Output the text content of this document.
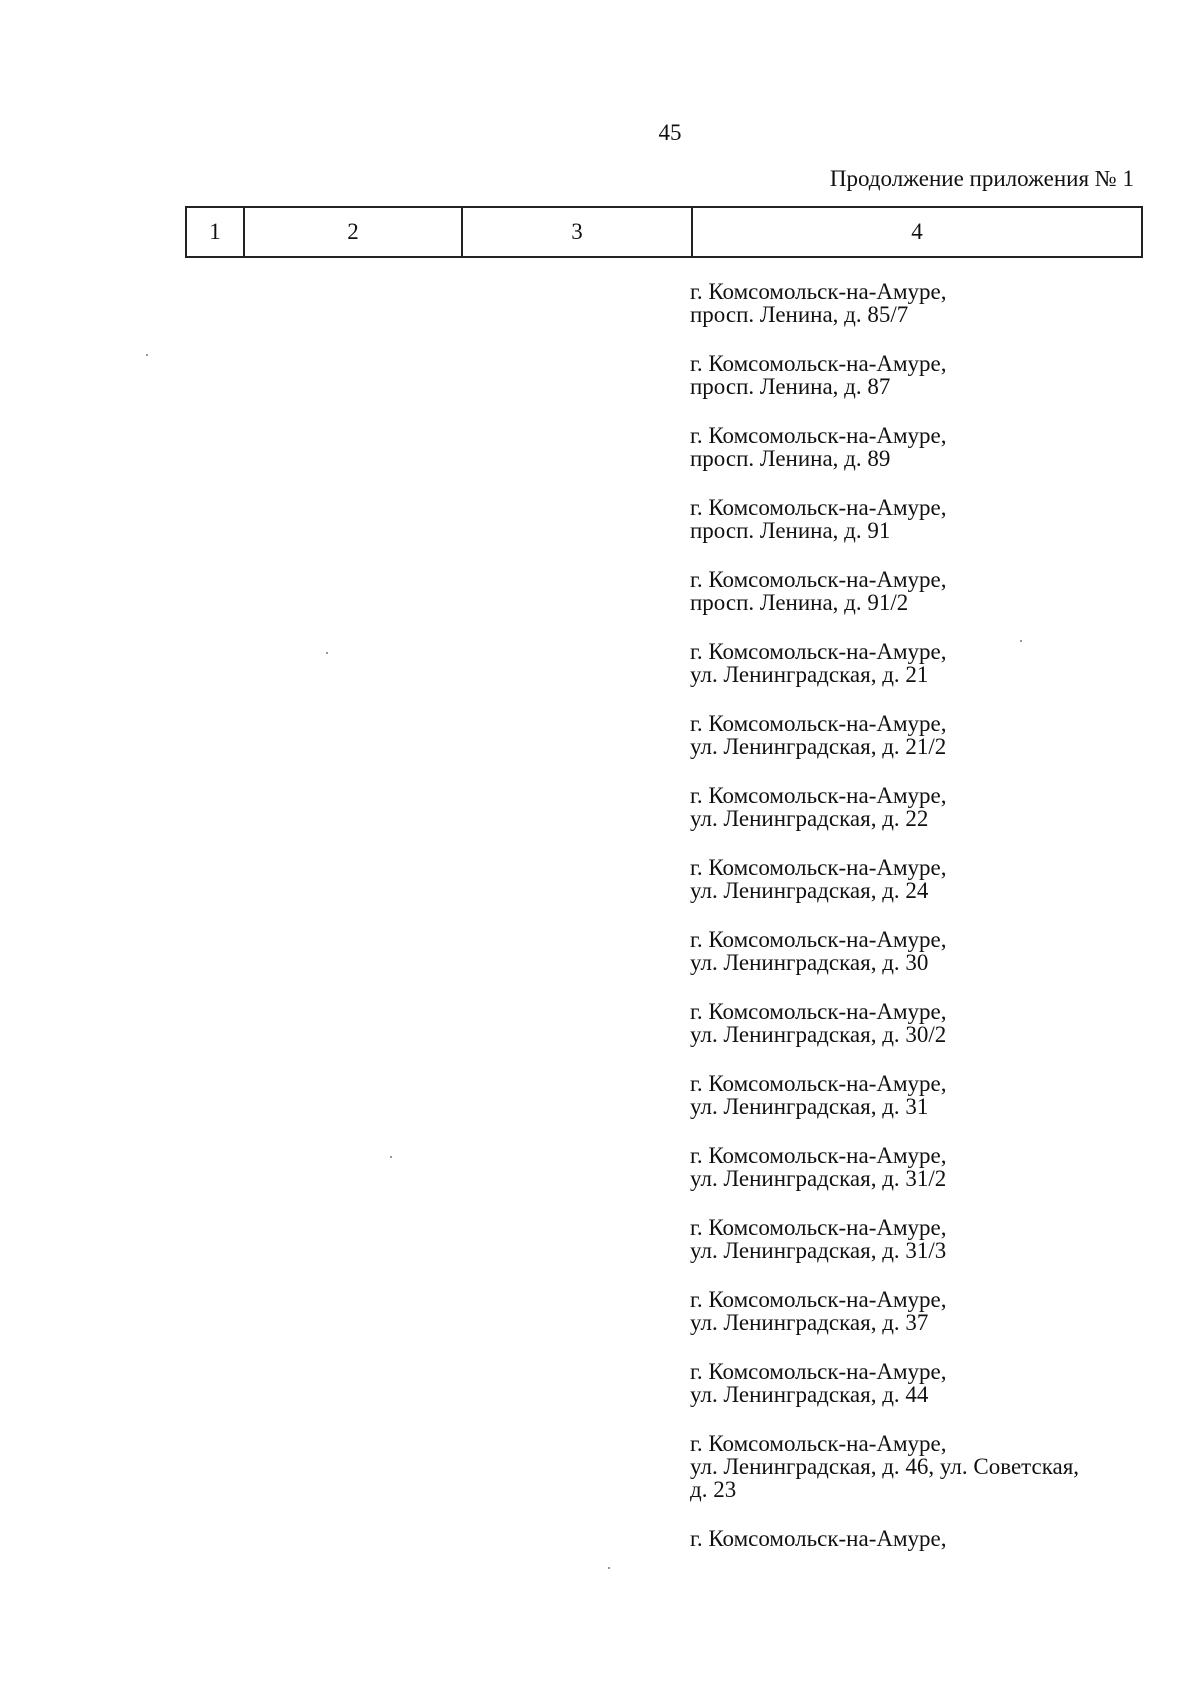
45
Продолжение приложения № 1
1	2	3	4
г. Комсомольск-на-Амуре,
просп. Ленина, д. 85/7
г. Комсомольск-на-Амуре,
просп. Ленина, д. 87
г. Комсомольск-на-Амуре,
просп. Ленина, д. 89
г. Комсомольск-на-Амуре,
просп. Ленина, д. 91
г. Комсомольск-на-Амуре,
просп. Ленина, д. 91/2
г. Комсомольск-на-Амуре,
ул. Ленинградская, д. 21
г. Комсомольск-на-Амуре,
ул. Ленинградская, д. 21/2
г. Комсомольск-на-Амуре,
ул. Ленинградская, д. 22
г. Комсомольск-на-Амуре,
ул. Ленинградская, д. 24
г. Комсомольск-на-Амуре,
ул. Ленинградская, д. 30
г. Комсомольск-на-Амуре,
ул. Ленинградская, д. 30/2
г. Комсомольск-на-Амуре,
ул. Ленинградская, д. 31
г. Комсомольск-на-Амуре,
ул. Ленинградская, д. 31/2
г. Комсомольск-на-Амуре,
ул. Ленинградская, д. 31/3
г. Комсомольск-на-Амуре,
ул. Ленинградская, д. 37
г. Комсомольск-на-Амуре,
ул. Ленинградская, д. 44
г. Комсомольск-на-Амуре,
ул. Ленинградская, д. 46, ул. Советская,
д. 23
г. Комсомольск-на-Амуре,
